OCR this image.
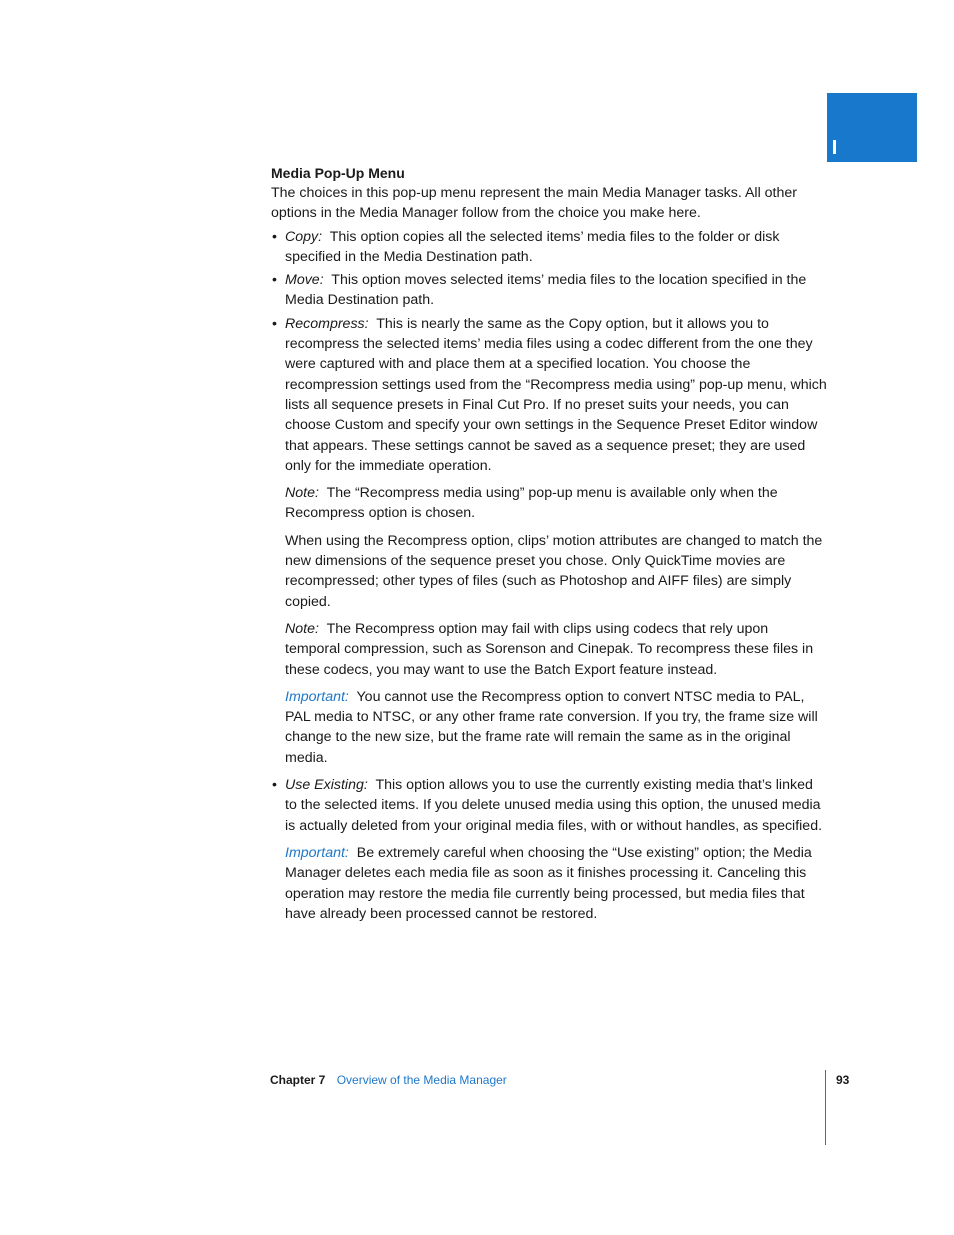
Media Pop-Up Menu

The choices in this pop-up menu represent the main Media Manager tasks. All other options in the Media Manager follow from the choice you make here.

• Copy: This option copies all the selected items’ media files to the folder or disk specified in the Media Destination path.
• Move: This option moves selected items’ media files to the location specified in the Media Destination path.
• Recompress: This is nearly the same as the Copy option, but it allows you to recompress the selected items’ media files using a codec different from the one they were captured with and place them at a specified location. You choose the recompression settings used from the “Recompress media using” pop-up menu, which lists all sequence presets in Final Cut Pro. If no preset suits your needs, you can choose Custom and specify your own settings in the Sequence Preset Editor window that appears. These settings cannot be saved as a sequence preset; they are used only for the immediate operation.

Note: The “Recompress media using” pop-up menu is available only when the Recompress option is chosen.

When using the Recompress option, clips’ motion attributes are changed to match the new dimensions of the sequence preset you chose. Only QuickTime movies are recompressed; other types of files (such as Photoshop and AIFF files) are simply copied.

Note: The Recompress option may fail with clips using codecs that rely upon temporal compression, such as Sorenson and Cinepak. To recompress these files in these codecs, you may want to use the Batch Export feature instead.

Important: You cannot use the Recompress option to convert NTSC media to PAL, PAL media to NTSC, or any other frame rate conversion. If you try, the frame size will change to the new size, but the frame rate will remain the same as in the original media.

• Use Existing: This option allows you to use the currently existing media that’s linked to the selected items. If you delete unused media using this option, the unused media is actually deleted from your original media files, with or without handles, as specified.

Important: Be extremely careful when choosing the “Use existing” option; the Media Manager deletes each media file as soon as it finishes processing it. Canceling this operation may restore the media file currently being processed, but media files that have already been processed cannot be restored.

Chapter 7 Overview of the Media Manager	93
